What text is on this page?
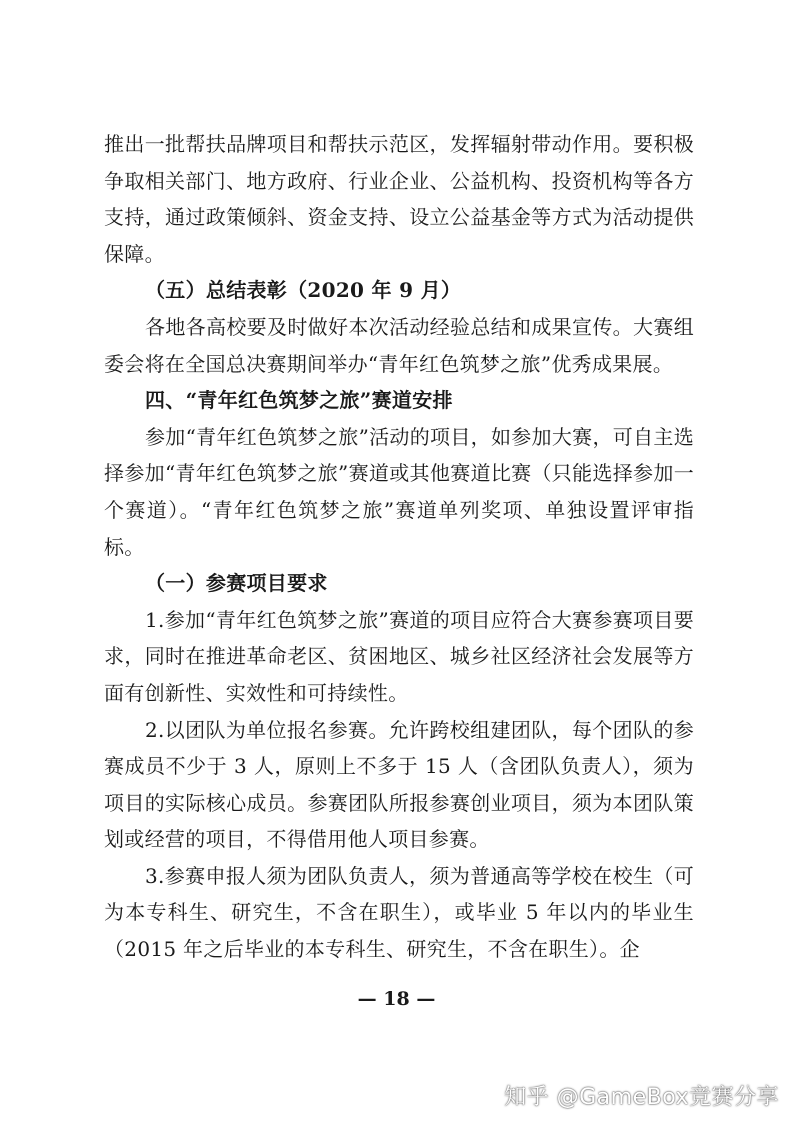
推出一批帮扶品牌项目和帮扶示范区，发挥辐射带动作用。要积极争取相关部门、地方政府、行业企业、公益机构、投资机构等各方支持，通过政策倾斜、资金支持、设立公益基金等方式为活动提供保障。

（五）总结表彰（2020 年 9 月）

各地各高校要及时做好本次活动经验总结和成果宣传。大赛组委会将在全国总决赛期间举办“青年红色筑梦之旅”优秀成果展。

四、“青年红色筑梦之旅”赛道安排

参加“青年红色筑梦之旅”活动的项目，如参加大赛，可自主选择参加“青年红色筑梦之旅”赛道或其他赛道比赛（只能选择参加一个赛道）。“青年红色筑梦之旅”赛道单列奖项、单独设置评审指标。

（一）参赛项目要求

1.参加“青年红色筑梦之旅”赛道的项目应符合大赛参赛项目要求，同时在推进革命老区、贫困地区、城乡社区经济社会发展等方面有创新性、实效性和可持续性。

2.以团队为单位报名参赛。允许跨校组建团队，每个团队的参赛成员不少于 3 人，原则上不多于 15 人（含团队负责人），须为项目的实际核心成员。参赛团队所报参赛创业项目，须为本团队策划或经营的项目，不得借用他人项目参赛。

3.参赛申报人须为团队负责人，须为普通高等学校在校生（可为本专科生、研究生，不含在职生），或毕业 5 年以内的毕业生（2015 年之后毕业的本专科生、研究生，不含在职生）。企

— 18 —
知乎 @GameBox竞赛分享
